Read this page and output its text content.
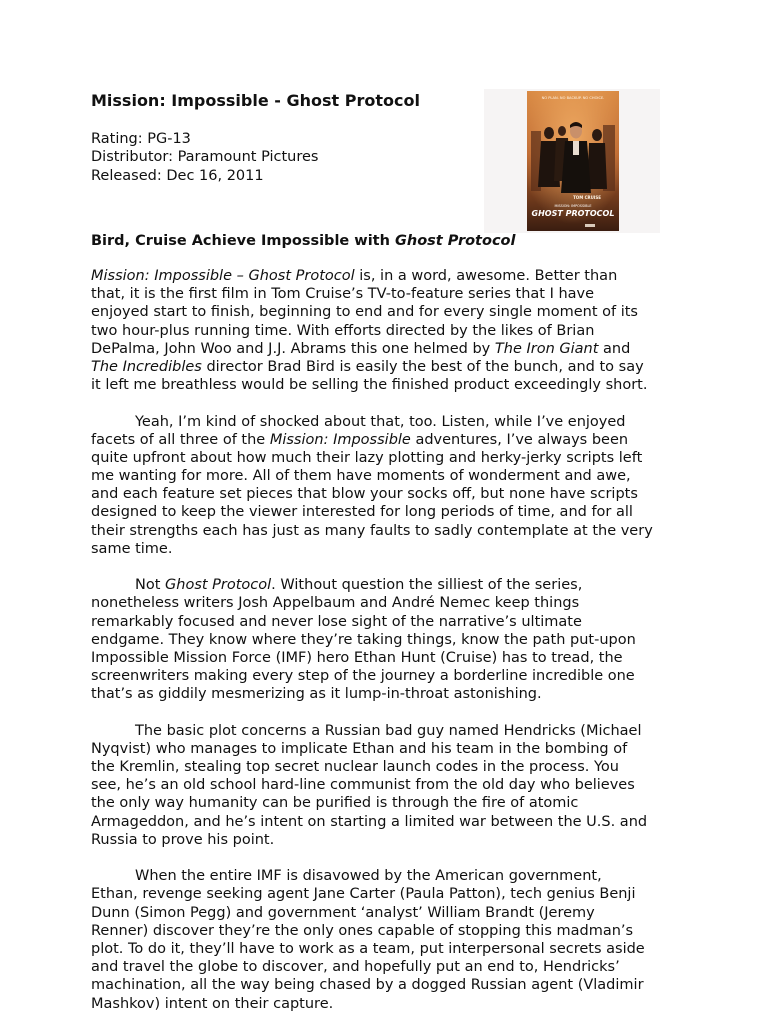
Mission: Impossible - Ghost Protocol
Rating: PG-13
Distributor: Paramount Pictures
Released: Dec 16, 2011
NO PLAN. NO BACKUP. NO CHOICE.
TOM CRUISE
MISSION: IMPOSSIBLE
GHOST PROTOCOL
Bird, Cruise Achieve Impossible with Ghost Protocol
Mission: Impossible – Ghost Protocol is, in a word, awesome. Better than
that, it is the first film in Tom Cruise’s TV-to-feature series that I have
enjoyed start to finish, beginning to end and for every single moment of its
two hour-plus running time. With efforts directed by the likes of Brian
DePalma, John Woo and J.J. Abrams this one helmed by The Iron Giant and
The Incredibles director Brad Bird is easily the best of the bunch, and to say
it left me breathless would be selling the finished product exceedingly short.
Yeah, I’m kind of shocked about that, too. Listen, while I’ve enjoyed
facets of all three of the Mission: Impossible adventures, I’ve always been
quite upfront about how much their lazy plotting and herky-jerky scripts left
me wanting for more. All of them have moments of wonderment and awe,
and each feature set pieces that blow your socks off, but none have scripts
designed to keep the viewer interested for long periods of time, and for all
their strengths each has just as many faults to sadly contemplate at the very
same time.
Not Ghost Protocol. Without question the silliest of the series,
nonetheless writers Josh Appelbaum and André Nemec keep things
remarkably focused and never lose sight of the narrative’s ultimate
endgame. They know where they’re taking things, know the path put-upon
Impossible Mission Force (IMF) hero Ethan Hunt (Cruise) has to tread, the
screenwriters making every step of the journey a borderline incredible one
that’s as giddily mesmerizing as it lump-in-throat astonishing.
The basic plot concerns a Russian bad guy named Hendricks (Michael
Nyqvist) who manages to implicate Ethan and his team in the bombing of
the Kremlin, stealing top secret nuclear launch codes in the process. You
see, he’s an old school hard-line communist from the old day who believes
the only way humanity can be purified is through the fire of atomic
Armageddon, and he’s intent on starting a limited war between the U.S. and
Russia to prove his point.
When the entire IMF is disavowed by the American government,
Ethan, revenge seeking agent Jane Carter (Paula Patton), tech genius Benji
Dunn (Simon Pegg) and government ‘analyst’ William Brandt (Jeremy
Renner) discover they’re the only ones capable of stopping this madman’s
plot. To do it, they’ll have to work as a team, put interpersonal secrets aside
and travel the globe to discover, and hopefully put an end to, Hendricks’
machination, all the way being chased by a dogged Russian agent (Vladimir
Mashkov) intent on their capture.
